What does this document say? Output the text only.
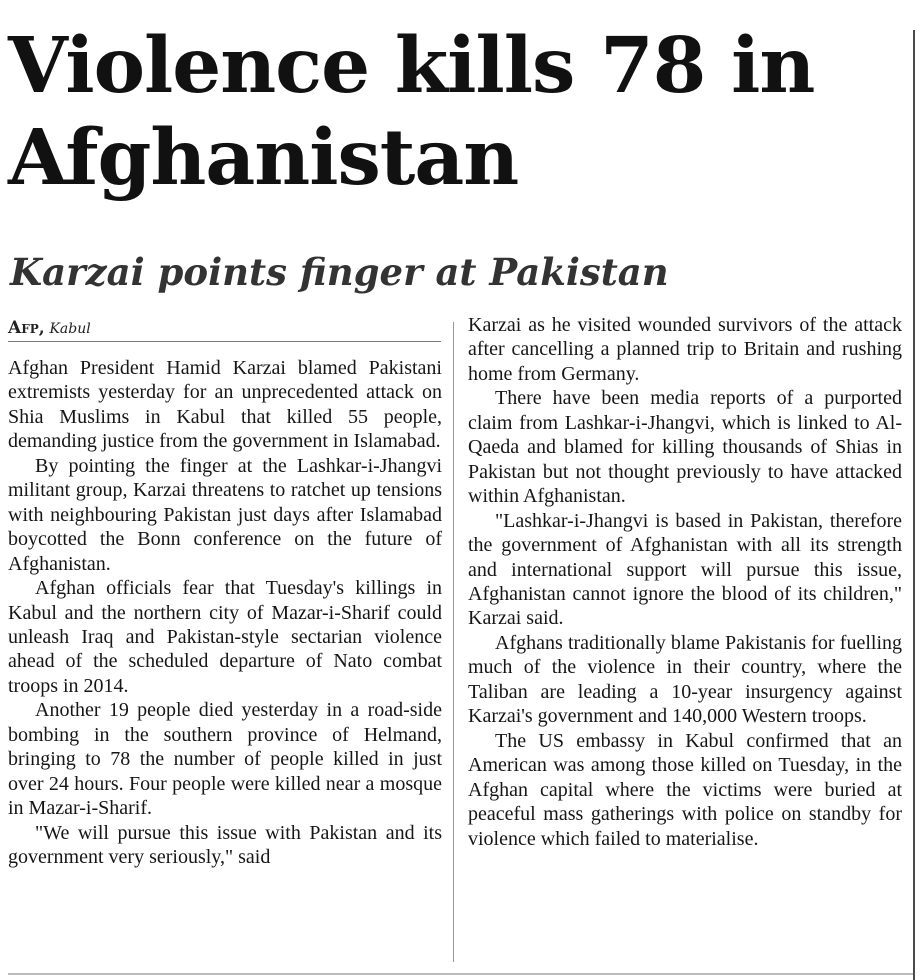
Violence kills 78 in Afghanistan
Karzai points finger at Pakistan
Afp, Kabul

Afghan President Hamid Karzai blamed Pakistani extremists yesterday for an unprecedented attack on Shia Muslims in Kabul that killed 55 people, demanding justice from the government in Islamabad.

By pointing the finger at the Lashkar-i-Jhangvi militant group, Karzai threatens to ratchet up tensions with neighbouring Pakistan just days after Islamabad boycotted the Bonn conference on the future of Afghanistan.

Afghan officials fear that Tuesday's killings in Kabul and the northern city of Mazar-i-Sharif could unleash Iraq and Pakistan-style sectarian violence ahead of the scheduled departure of Nato combat troops in 2014.

Another 19 people died yesterday in a road-side bombing in the southern province of Helmand, bringing to 78 the number of people killed in just over 24 hours. Four people were killed near a mosque in Mazar-i-Sharif.

"We will pursue this issue with Pakistan and its government very seriously," said

Karzai as he visited wounded survivors of the attack after cancelling a planned trip to Britain and rushing home from Germany.

There have been media reports of a purported claim from Lashkar-i-Jhangvi, which is linked to Al-Qaeda and blamed for killing thousands of Shias in Pakistan but not thought previously to have attacked within Afghanistan.

"Lashkar-i-Jhangvi is based in Pakistan, therefore the government of Afghanistan with all its strength and international support will pursue this issue, Afghanistan cannot ignore the blood of its children," Karzai said.

Afghans traditionally blame Pakistanis for fuelling much of the violence in their country, where the Taliban are leading a 10-year insurgency against Karzai's government and 140,000 Western troops.

The US embassy in Kabul confirmed that an American was among those killed on Tuesday, in the Afghan capital where the victims were buried at peaceful mass gatherings with police on standby for violence which failed to materialise.
